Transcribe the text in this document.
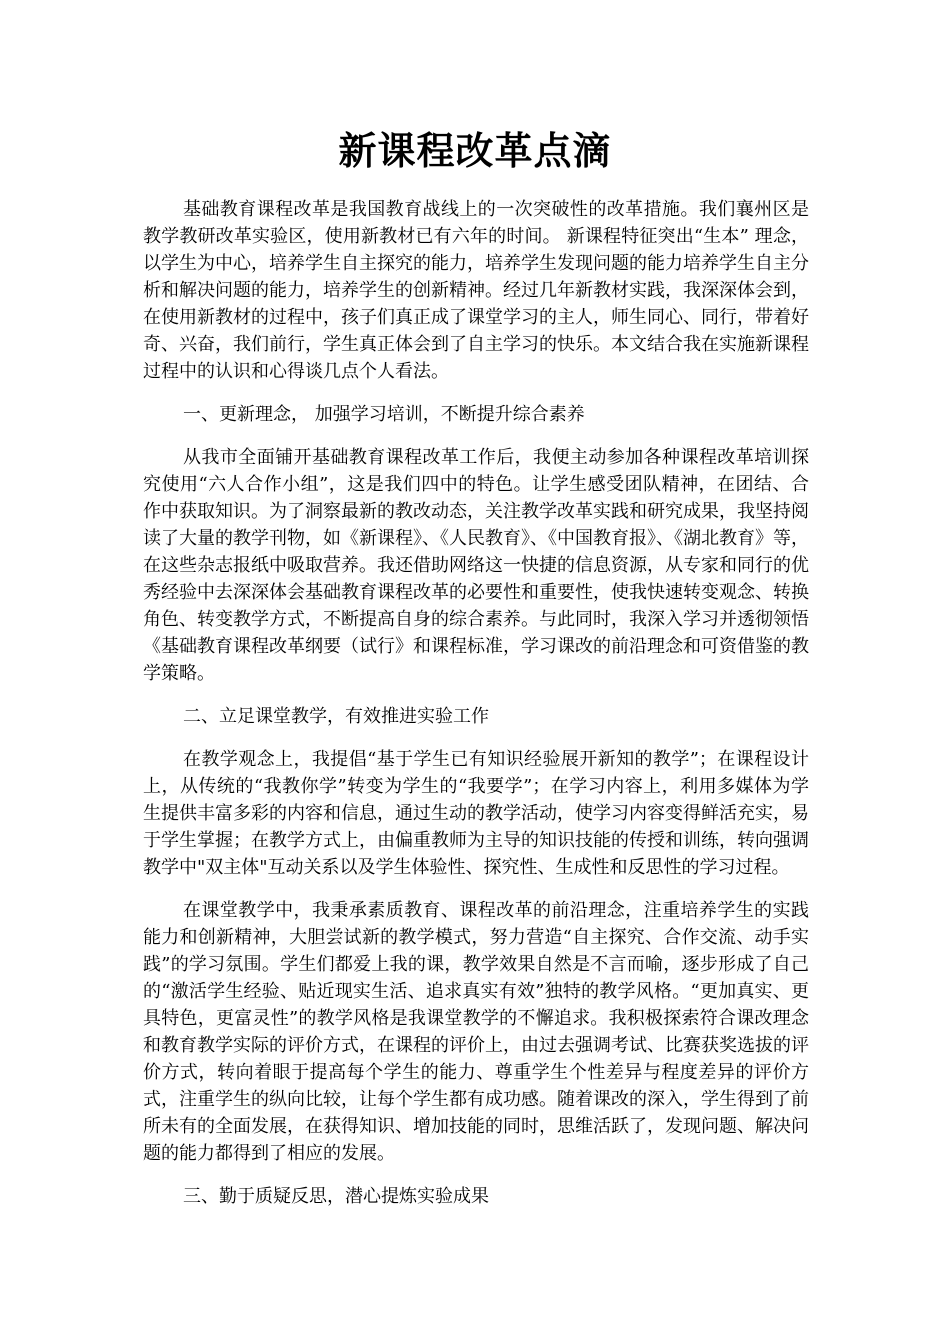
新课程改革点滴

基础教育课程改革是我国教育战线上的一次突破性的改革措施。我们襄州区是教学教研改革实验区，使用新教材已有六年的时间。 新课程特征突出“生本” 理念，以学生为中心，培养学生自主探究的能力，培养学生发现问题的能力培养学生自主分析和解决问题的能力，培养学生的创新精神。经过几年新教材实践，我深深体会到，在使用新教材的过程中，孩子们真正成了课堂学习的主人，师生同心、同行，带着好奇、兴奋，我们前行，学生真正体会到了自主学习的快乐。本文结合我在实施新课程过程中的认识和心得谈几点个人看法。

一、更新理念， 加强学习培训，不断提升综合素养

从我市全面铺开基础教育课程改革工作后，我便主动参加各种课程改革培训探究使用“六人合作小组”，这是我们四中的特色。让学生感受团队精神，在团结、合作中获取知识。为了洞察最新的教改动态，关注教学改革实践和研究成果，我坚持阅读了大量的教学刊物，如《新课程》、《人民教育》、《中国教育报》、《湖北教育》等，在这些杂志报纸中吸取营养。我还借助网络这一快捷的信息资源，从专家和同行的优秀经验中去深深体会基础教育课程改革的必要性和重要性，使我快速转变观念、转换角色、转变教学方式，不断提高自身的综合素养。与此同时，我深入学习并透彻领悟《基础教育课程改革纲要（试行》和课程标准，学习课改的前沿理念和可资借鉴的教学策略。

二、立足课堂教学，有效推进实验工作

在教学观念上，我提倡“基于学生已有知识经验展开新知的教学”；在课程设计上，从传统的“我教你学”转变为学生的“我要学”；在学习内容上，利用多媒体为学生提供丰富多彩的内容和信息，通过生动的教学活动，使学习内容变得鲜活充实，易于学生掌握；在教学方式上，由偏重教师为主导的知识技能的传授和训练，转向强调教学中"双主体"互动关系以及学生体验性、探究性、生成性和反思性的学习过程。

在课堂教学中，我秉承素质教育、课程改革的前沿理念，注重培养学生的实践能力和创新精神，大胆尝试新的教学模式，努力营造“自主探究、合作交流、动手实践”的学习氛围。学生们都爱上我的课，教学效果自然是不言而喻，逐步形成了自己的“激活学生经验、贴近现实生活、追求真实有效”独特的教学风格。“更加真实、更具特色，更富灵性”的教学风格是我课堂教学的不懈追求。我积极探索符合课改理念和教育教学实际的评价方式，在课程的评价上，由过去强调考试、比赛获奖选拔的评价方式，转向着眼于提高每个学生的能力、尊重学生个性差异与程度差异的评价方式，注重学生的纵向比较，让每个学生都有成功感。随着课改的深入，学生得到了前所未有的全面发展，在获得知识、增加技能的同时，思维活跃了，发现问题、解决问题的能力都得到了相应的发展。

三、勤于质疑反思，潜心提炼实验成果
